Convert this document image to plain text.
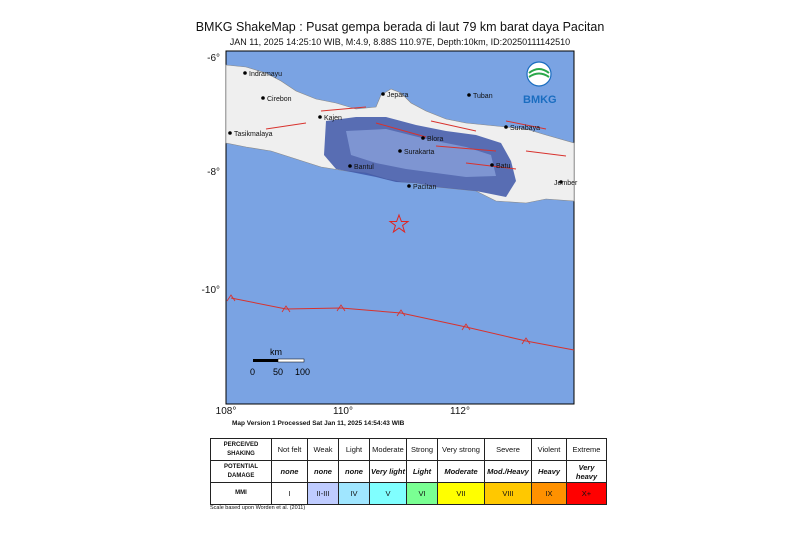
BMKG ShakeMap : Pusat gempa berada di laut 79 km barat daya Pacitan
JAN 11, 2025 14:25:10 WIB, M:4.9, 8.88S 110.97E, Depth:10km, ID:20250111142510
Indramayu
Cirebon
Jepara	Tuban
Kajen
Blora
Tasikmalaya
Surakarta
Surabaya
Bantul	Batu
Pacitan
Jember
BMKG
km
0 50 100
-6°
-8°
-10°
108°	110°	112°
Map Version 1 Processed Sat Jan 11, 2025 14:54:43 WIB
PERCEIVED SHAKING	Not felt	Weak	Light	Moderate	Strong	Very strong	Severe	Violent	Extreme
POTENTIAL DAMAGE	none	none	none	Very light	Light	Moderate	Mod./Heavy	Heavy	Very heavy
MMI	I	II-III	IV	V	VI	VII	VIII	IX	X+
Scale based upon Worden et al. (2011)
